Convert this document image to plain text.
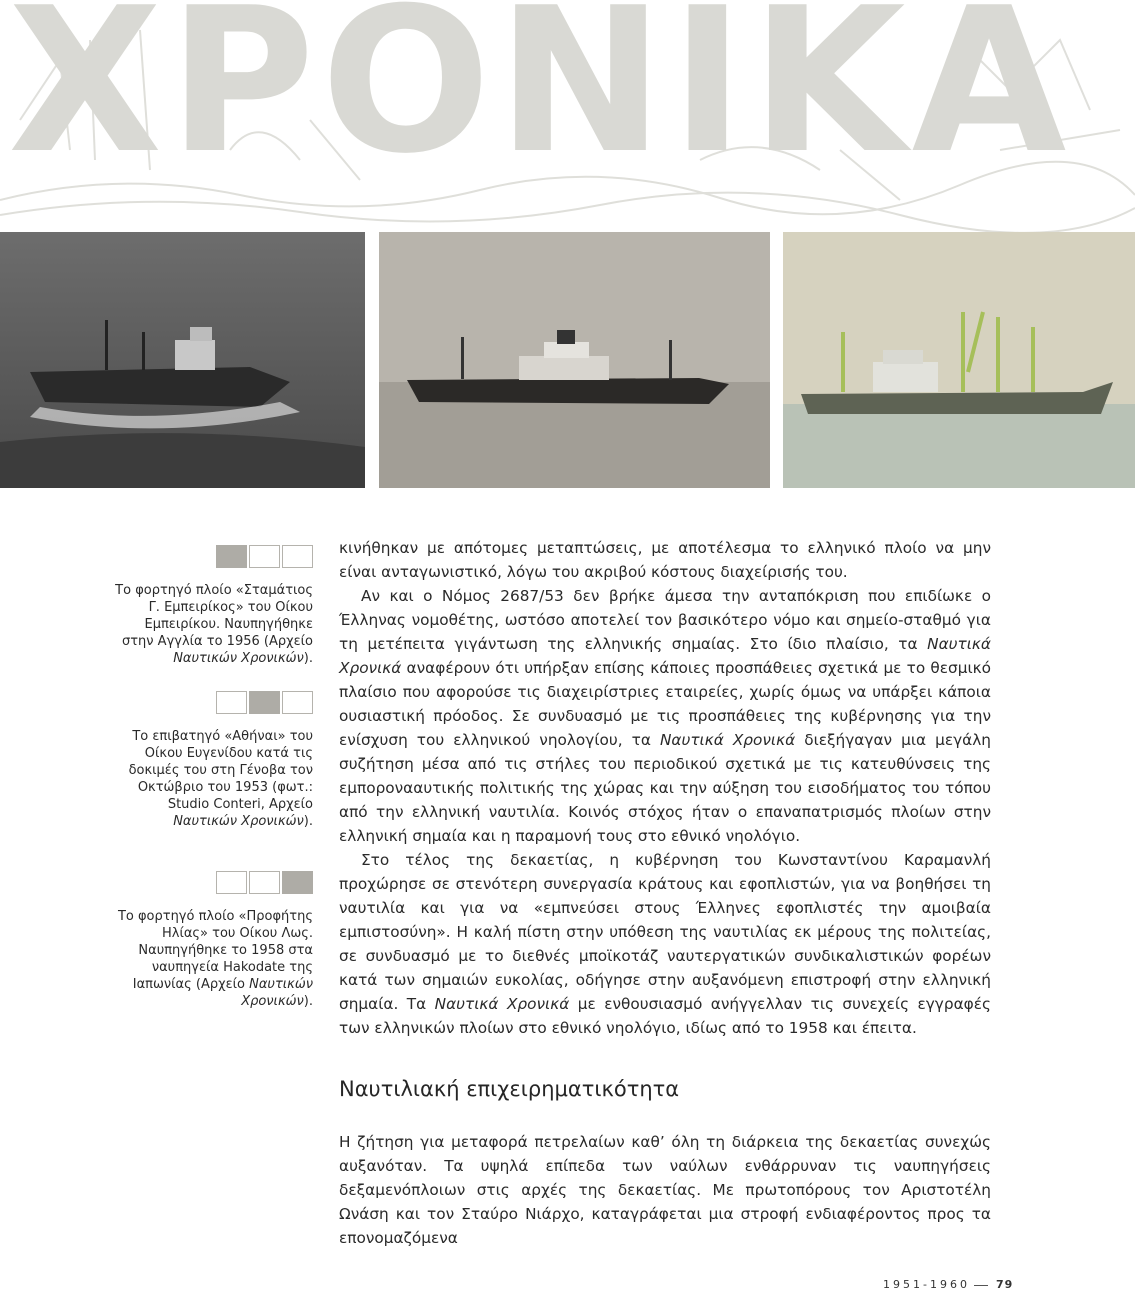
ΧΡΟΝΙΚΑ

Το φορτηγό πλοίο «Σταμάτιος Γ. Εμπειρίκος» του Οίκου Εμπειρίκου. Ναυπηγήθηκε στην Αγγλία το 1956 (Αρχείο Ναυτικών Χρονικών).

Το επιβατηγό «Αθήναι» του Οίκου Ευγενίδου κατά τις δοκιμές του στη Γένοβα τον Οκτώβριο του 1953 (φωτ.: Studio Conteri, Αρχείο Ναυτικών Χρονικών).

Το φορτηγό πλοίο «Προφήτης Ηλίας» του Οίκου Λως. Ναυπηγήθηκε το 1958 στα ναυπηγεία Hakodate της Ιαπωνίας (Αρχείο Ναυτικών Χρονικών).

κινήθηκαν με απότομες μεταπτώσεις, με αποτέλεσμα το ελληνικό πλοίο να μην είναι ανταγωνιστικό, λόγω του ακριβού κόστους διαχείρισής του.

Αν και ο Νόμος 2687/53 δεν βρήκε άμεσα την ανταπόκριση που επιδίωκε ο Έλληνας νομοθέτης, ωστόσο αποτελεί τον βασικότερο νόμο και σημείο-σταθμό για τη μετέπειτα γιγάντωση της ελληνικής σημαίας. Στο ίδιο πλαίσιο, τα Ναυτικά Χρονικά αναφέρουν ότι υπήρξαν επίσης κάποιες προσπάθειες σχετικά με το θεσμικό πλαίσιο που αφορούσε τις διαχειρίστριες εταιρείες, χωρίς όμως να υπάρξει κάποια ουσιαστική πρόοδος. Σε συνδυασμό με τις προσπάθειες της κυβέρνησης για την ενίσχυση του ελληνικού νηολογίου, τα Ναυτικά Χρονικά διεξήγαγαν μια μεγάλη συζήτηση μέσα από τις στήλες του περιοδικού σχετικά με τις κατευθύνσεις της εμπορονααυτικής πολιτικής της χώρας και την αύξηση του εισοδήματος του τόπου από την ελληνική ναυτιλία. Κοινός στόχος ήταν ο επαναπατρισμός πλοίων στην ελληνική σημαία και η παραμονή τους στο εθνικό νηολόγιο.

Στο τέλος της δεκαετίας, η κυβέρνηση του Κωνσταντίνου Καραμανλή προχώρησε σε στενότερη συνεργασία κράτους και εφοπλιστών, για να βοηθήσει τη ναυτιλία και για να «εμπνεύσει στους Έλληνες εφοπλιστές την αμοιβαία εμπιστοσύνη». Η καλή πίστη στην υπόθεση της ναυτιλίας εκ μέρους της πολιτείας, σε συνδυασμό με το διεθνές μποϊκοτάζ ναυτεργατικών συνδικαλιστικών φορέων κατά των σημαιών ευκολίας, οδήγησε στην αυξανόμενη επιστροφή στην ελληνική σημαία. Τα Ναυτικά Χρονικά με ενθουσιασμό ανήγγελλαν τις συνεχείς εγγραφές των ελληνικών πλοίων στο εθνικό νηολόγιο, ιδίως από το 1958 και έπειτα.

Ναυτιλιακή επιχειρηματικότητα
Η ζήτηση για μεταφορά πετρελαίων καθ’ όλη τη διάρκεια της δεκαετίας συνεχώς αυξανόταν. Τα υψηλά επίπεδα των ναύλων ενθάρρυναν τις ναυπηγήσεις δεξαμενόπλοιων στις αρχές της δεκαετίας. Με πρωτοπόρους τον Αριστοτέλη Ωνάση και τον Σταύρο Νιάρχο, καταγράφεται μια στροφή ενδιαφέροντος προς τα επονομαζόμενα
1951-1960 79
